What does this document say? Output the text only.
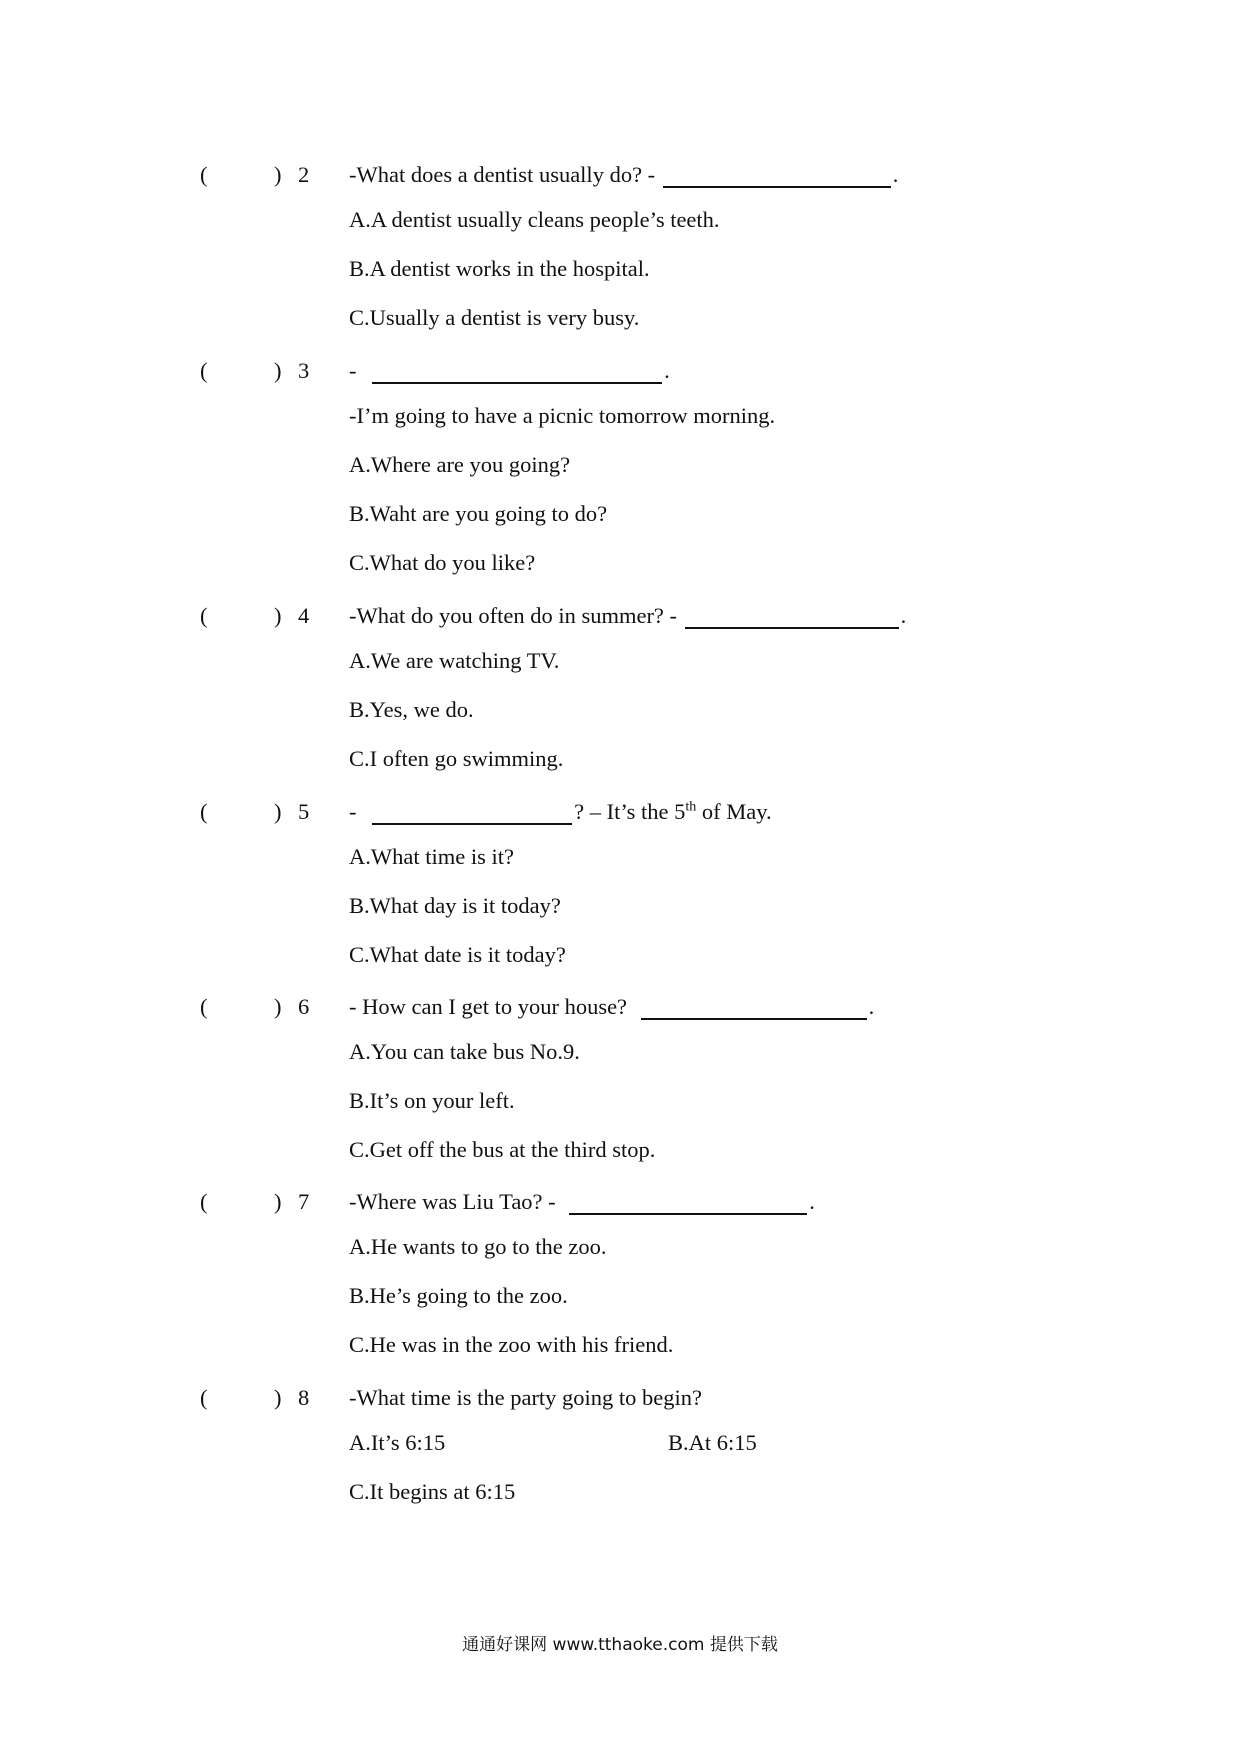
(	) 2 -What does a dentist usually do? -	.
A.A dentist usually cleans people’s teeth.
B.A dentist works in the hospital.
C.Usually a dentist is very busy.
(	) 3 -	.
-I’m going to have a picnic tomorrow morning.
A.Where are you going?
B.Waht are you going to do?
C.What do you like?
(	) 4 -What do you often do in summer? -	.
A.We are watching TV.
B.Yes, we do.
C.I often go swimming.
(	) 5 -	? – It’s the 5th of May.
A.What time is it?
B.What day is it today?
C.What date is it today?
(	) 6 - How can I get to your house?	.
A.You can take bus No.9.
B.It’s on your left.
C.Get off the bus at the third stop.
(	) 7 -Where was Liu Tao? -	.
A.He wants to go to the zoo.
B.He’s going to the zoo.
C.He was in the zoo with his friend.
(	) 8 -What time is the party going to begin?
A.It’s 6:15	B.At 6:15
C.It begins at 6:15
通通好课网 www.tthaoke.com 提供下载
